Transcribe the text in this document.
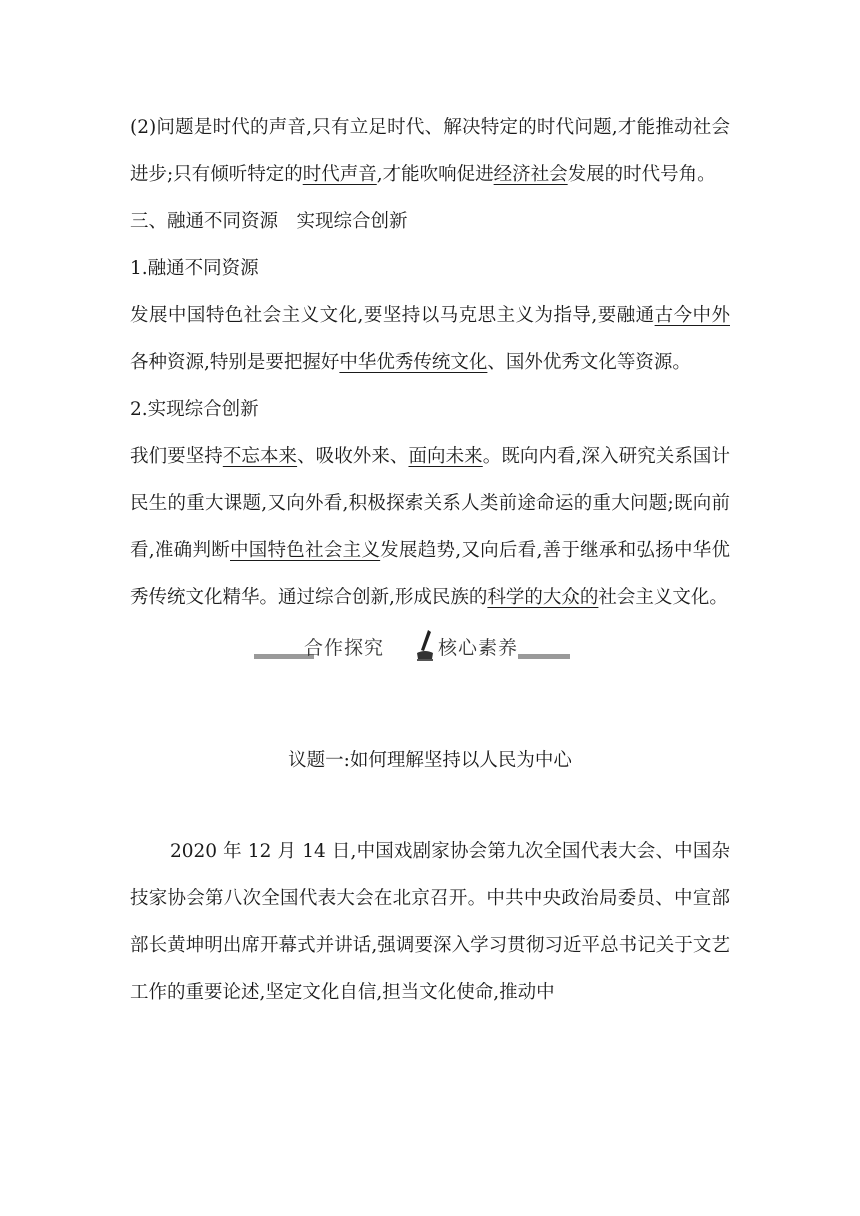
(2)问题是时代的声音,只有立足时代、解决特定的时代问题,才能推动社会进步;只有倾听特定的时代声音,才能吹响促进经济社会发展的时代号角。

三、融通不同资源　实现综合创新

1.融通不同资源

发展中国特色社会主义文化,要坚持以马克思主义为指导,要融通古今中外各种资源,特别是要把握好中华优秀传统文化、国外优秀文化等资源。

2.实现综合创新

我们要坚持不忘本来、吸收外来、面向未来。既向内看,深入研究关系国计民生的重大课题,又向外看,积极探索关系人类前途命运的重大问题;既向前看,准确判断中国特色社会主义发展趋势,又向后看,善于继承和弘扬中华优秀传统文化精华。通过综合创新,形成民族的科学的大众的社会主义文化。

合作探究	核心素养

议题一:如何理解坚持以人民为中心

2020 年 12 月 14 日,中国戏剧家协会第九次全国代表大会、中国杂技家协会第八次全国代表大会在北京召开。中共中央政治局委员、中宣部部长黄坤明出席开幕式并讲话,强调要深入学习贯彻习近平总书记关于文艺工作的重要论述,坚定文化自信,担当文化使命,推动中
